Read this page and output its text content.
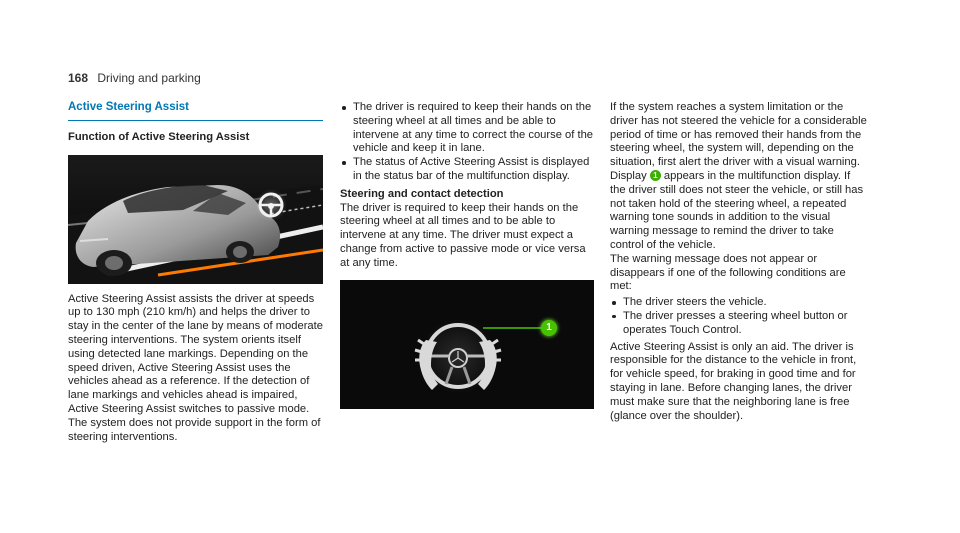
168 Driving and parking
Active Steering Assist
Function of Active Steering Assist

Active Steering Assist assists the driver at speeds up to 130 mph (210 km/h) and helps the driver to stay in the center of the lane by means of moderate steering interventions. The system orients itself using detected lane markings. Depending on the speed driven, Active Steering Assist uses the vehicles ahead as a reference. If the detection of lane markings and vehicles ahead is impaired, Active Steering Assist switches to passive mode. The system does not provide support in the form of steering interventions.

The driver is required to keep their hands on the steering wheel at all times and be able to intervene at any time to correct the course of the vehicle and keep it in lane.
The status of Active Steering Assist is displayed in the status bar of the multifunction display.
Steering and contact detection

The driver is required to keep their hands on the steering wheel at all times and to be able to intervene at any time. The driver must expect a change from active to passive mode or vice versa at any time.

1

If the system reaches a system limitation or the driver has not steered the vehicle for a considerable period of time or has removed their hands from the steering wheel, the system will, depending on the situation, first alert the driver with a visual warning. Display 1 appears in the multifunction display. If the driver still does not steer the vehicle, or still has not taken hold of the steering wheel, a repeated warning tone sounds in addition to the visual warning message to remind the driver to take control of the vehicle.

The warning message does not appear or disappears if one of the following conditions are met:

The driver steers the vehicle.
The driver presses a steering wheel button or operates Touch Control.

Active Steering Assist is only an aid. The driver is responsible for the distance to the vehicle in front, for vehicle speed, for braking in good time and for staying in lane. Before changing lanes, the driver must make sure that the neighboring lane is free (glance over the shoulder).
